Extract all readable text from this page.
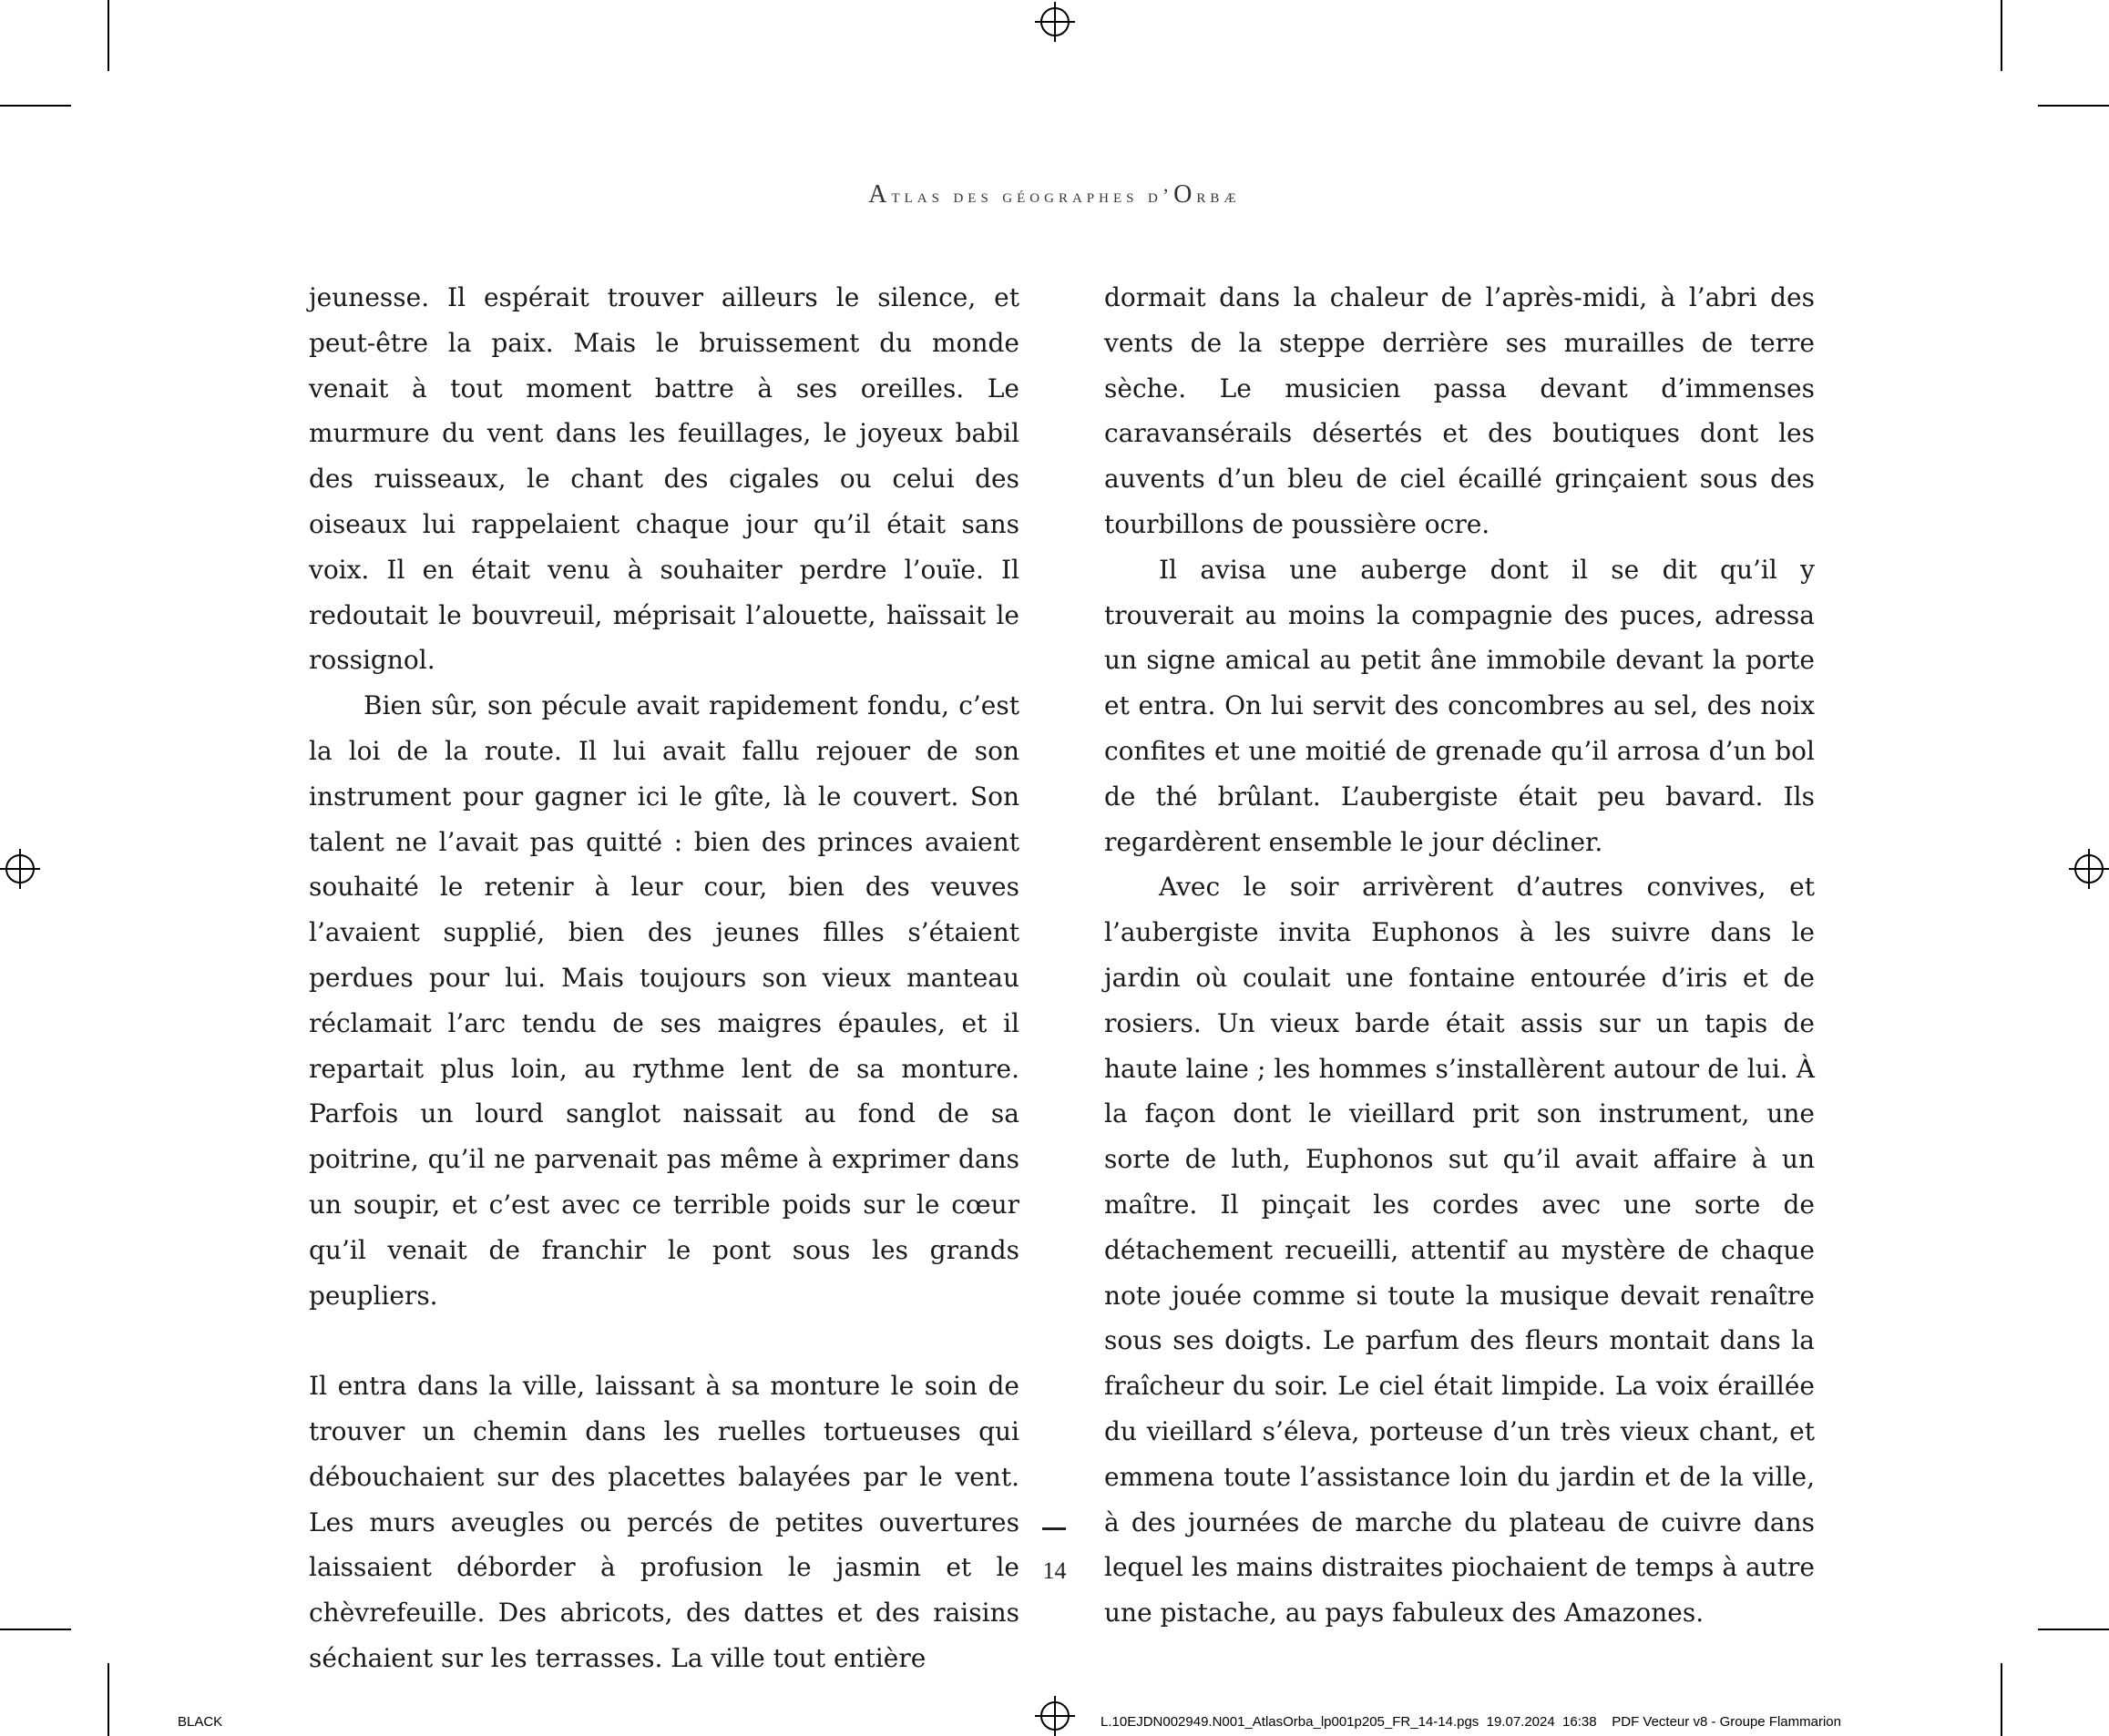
Atlas des géographes d’Orbæ

jeunesse. Il espérait trouver ailleurs le silence, et peut-être la paix. Mais le bruissement du monde venait à tout moment battre à ses oreilles. Le murmure du vent dans les feuillages, le joyeux babil des ruisseaux, le chant des cigales ou celui des oiseaux lui rappelaient chaque jour qu’il était sans voix. Il en était venu à souhaiter perdre l’ouïe. Il redoutait le bouvreuil, méprisait l’alouette, haïssait le rossignol.

Bien sûr, son pécule avait rapidement fondu, c’est la loi de la route. Il lui avait fallu rejouer de son instrument pour gagner ici le gîte, là le couvert. Son talent ne l’avait pas quitté : bien des princes avaient souhaité le retenir à leur cour, bien des veuves l’avaient supplié, bien des jeunes filles s’étaient perdues pour lui. Mais toujours son vieux manteau réclamait l’arc tendu de ses maigres épaules, et il repartait plus loin, au rythme lent de sa monture. Parfois un lourd sanglot naissait au fond de sa poitrine, qu’il ne parvenait pas même à exprimer dans un soupir, et c’est avec ce terrible poids sur le cœur qu’il venait de franchir le pont sous les grands peupliers.

Il entra dans la ville, laissant à sa monture le soin de trouver un chemin dans les ruelles tortueuses qui débouchaient sur des placettes balayées par le vent. Les murs aveugles ou percés de petites ouvertures laissaient déborder à profusion le jasmin et le chèvrefeuille. Des abricots, des dattes et des raisins séchaient sur les terrasses. La ville tout entière

dormait dans la chaleur de l’après-midi, à l’abri des vents de la steppe derrière ses murailles de terre sèche. Le musicien passa devant d’immenses caravansérails désertés et des boutiques dont les auvents d’un bleu de ciel écaillé grinçaient sous des tourbillons de poussière ocre.

Il avisa une auberge dont il se dit qu’il y trouverait au moins la compagnie des puces, adressa un signe amical au petit âne immobile devant la porte et entra. On lui servit des concombres au sel, des noix confites et une moitié de grenade qu’il arrosa d’un bol de thé brûlant. L’aubergiste était peu bavard. Ils regardèrent ensemble le jour décliner.

Avec le soir arrivèrent d’autres convives, et l’aubergiste invita Euphonos à les suivre dans le jardin où coulait une fontaine entourée d’iris et de rosiers. Un vieux barde était assis sur un tapis de haute laine ; les hommes s’installèrent autour de lui. À la façon dont le vieillard prit son instrument, une sorte de luth, Euphonos sut qu’il avait affaire à un maître. Il pinçait les cordes avec une sorte de détachement recueilli, attentif au mystère de chaque note jouée comme si toute la musique devait renaître sous ses doigts. Le parfum des fleurs montait dans la fraîcheur du soir. Le ciel était limpide. La voix éraillée du vieillard s’éleva, porteuse d’un très vieux chant, et emmena toute l’assistance loin du jardin et de la ville, à des journées de marche du plateau de cuivre dans lequel les mains distraites piochaient de temps à autre une pistache, au pays fabuleux des Amazones.

14
BLACK	L.10EJDN002949.N001_AtlasOrba_lp001p205_FR_14-14.pgs  19.07.2024  16:38    PDF Vecteur v8 - Groupe Flammarion
